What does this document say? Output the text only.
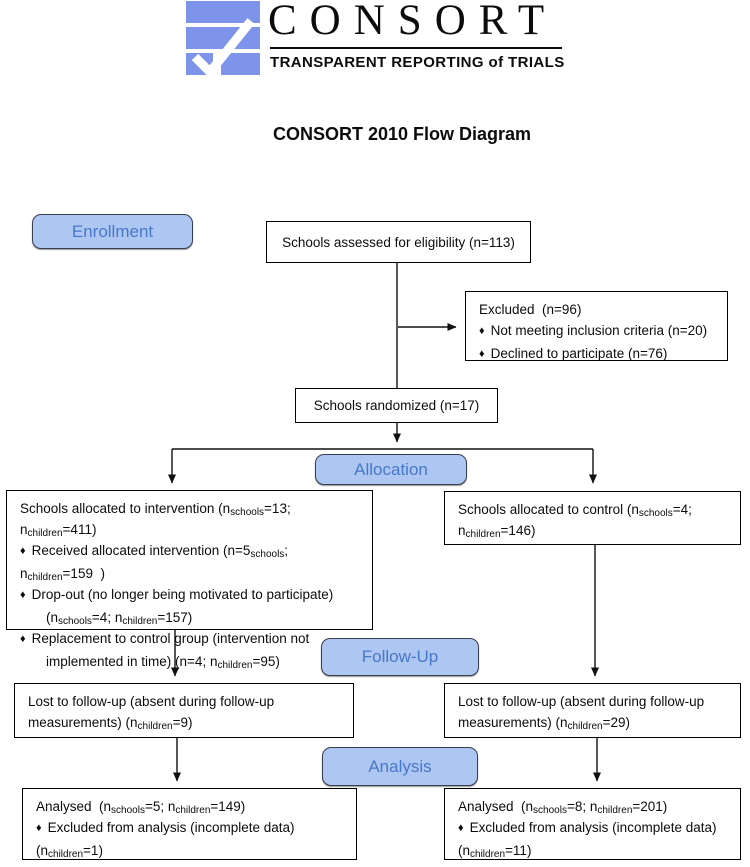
CONSORT
TRANSPARENT REPORTING of TRIALS
CONSORT 2010 Flow Diagram
Schools assessed for eligibility (n=113)
Excluded  (n=96)
♦ Not meeting inclusion criteria (n=20)
♦ Declined to participate (n=76)
Schools randomized (n=17)
Schools allocated to intervention ($n_{schools}=13$; $n_{children}=411$)
♦ Received allocated intervention ($n=5_{schools}$; $n_{children}=159$  )
♦ Drop-out (no longer being motivated to participate)
($n_{schools}=4$; $n_{children}=157$)
♦ Replacement to control group (intervention not
implemented in time) (n=4; $n_{children}=95$)
Schools allocated to control ($n_{schools}=4$;
$n_{children}=146$)
Lost to follow-up (absent during follow-up
measurements) $(n_{children}=9)$
Lost to follow-up (absent during follow-up
measurements) $(n_{children}=29)$
Analysed  ($n_{schools}=5$; $n_{children}=149$)
♦ Excluded from analysis (incomplete data)
$(n_{children}=1)$
Analysed  ($n_{schools}=8$; $n_{children}=201$)
♦ Excluded from analysis (incomplete data)
$(n_{children}=11)$
Enrollment
Allocation
Follow-Up
Analysis
